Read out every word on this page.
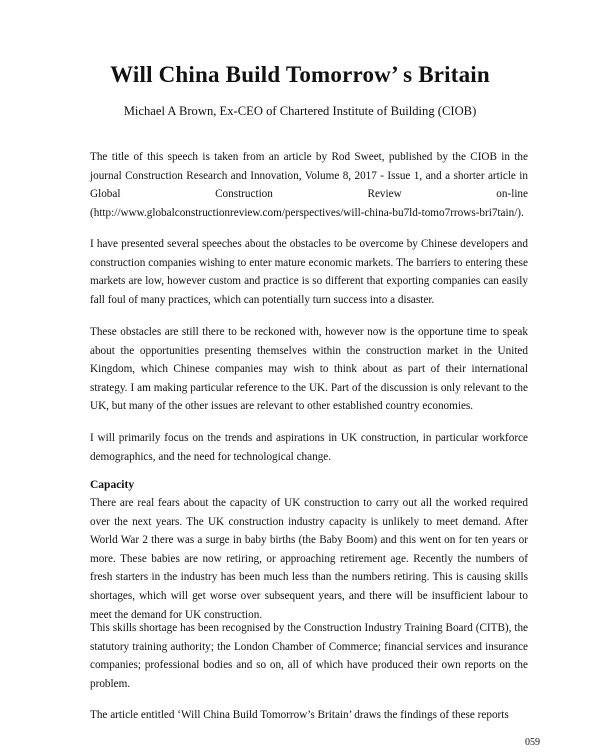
Will China Build Tomorrow’ s Britain

Michael A Brown, Ex-CEO of Chartered Institute of Building (CIOB)

The title of this speech is taken from an article by Rod Sweet, published by the CIOB in the journal Construction Research and Innovation, Volume 8, 2017 - Issue 1, and a shorter article in Global Construction Review on-line (http://www.globalconstructionreview.com/perspectives/will-china-bu7ld-tomo7rrows-bri7tain/).

I have presented several speeches about the obstacles to be overcome by Chinese developers and construction companies wishing to enter mature economic markets. The barriers to entering these markets are low, however custom and practice is so different that exporting companies can easily fall foul of many practices, which can potentially turn success into a disaster.

These obstacles are still there to be reckoned with, however now is the opportune time to speak about the opportunities presenting themselves within the construction market in the United Kingdom, which Chinese companies may wish to think about as part of their international strategy. I am making particular reference to the UK. Part of the discussion is only relevant to the UK, but many of the other issues are relevant to other established country economies.

I will primarily focus on the trends and aspirations in UK construction, in particular workforce demographics, and the need for technological change.

Capacity

There are real fears about the capacity of UK construction to carry out all the worked required over the next years. The UK construction industry capacity is unlikely to meet demand. After World War 2 there was a surge in baby births (the Baby Boom) and this went on for ten years or more. These babies are now retiring, or approaching retirement age. Recently the numbers of fresh starters in the industry has been much less than the numbers retiring. This is causing skills shortages, which will get worse over subsequent years, and there will be insufficient labour to meet the demand for UK construction.

This skills shortage has been recognised by the Construction Industry Training Board (CITB), the statutory training authority; the London Chamber of Commerce; financial services and insurance companies; professional bodies and so on, all of which have produced their own reports on the problem.

The article entitled ‘Will China Build Tomorrow’s Britain’ draws the findings of these reports

059
